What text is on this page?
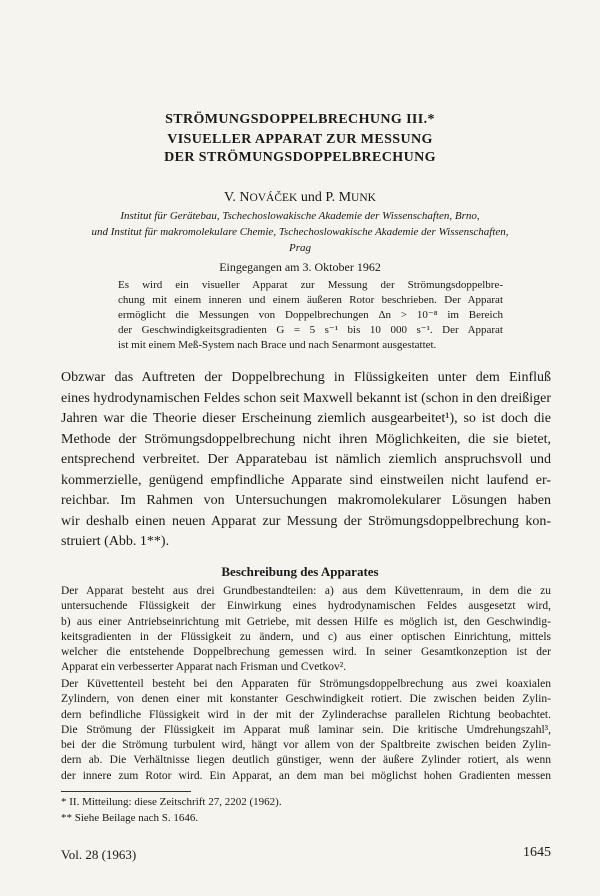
STRÖMUNGSDOPPELBRECHUNG III.*
VISUELLER APPARAT ZUR MESSUNG
DER STRÖMUNGSDOPPELBRECHUNG
V. NOVÁČEK und P. MUNK
Institut für Gerätebau, Tschechoslowakische Akademie der Wissenschaften, Brno,
und Institut für makromolekulare Chemie, Tschechoslowakische Akademie der Wissenschaften,
Prag
Eingegangen am 3. Oktober 1962
Es wird ein visueller Apparat zur Messung der Strömungsdoppelbre-
chung mit einem inneren und einem äußeren Rotor beschrieben. Der Apparat
ermöglicht die Messungen von Doppelbrechungen Δn > 10⁻⁸ im Bereich
der Geschwindigkeitsgradienten G = 5 s⁻¹ bis 10 000 s⁻¹. Der Apparat
ist mit einem Meß-System nach Brace und nach Senarmont ausgestattet.
Obzwar das Auftreten der Doppelbrechung in Flüssigkeiten unter dem Einfluß
eines hydrodynamischen Feldes schon seit Maxwell bekannt ist (schon in den dreißiger
Jahren war die Theorie dieser Erscheinung ziemlich ausgearbeitet¹), so ist doch die
Methode der Strömungsdoppelbrechung nicht ihren Möglichkeiten, die sie bietet,
entsprechend verbreitet. Der Apparatebau ist nämlich ziemlich anspruchsvoll und
kommerzielle, genügend empfindliche Apparate sind einstweilen nicht laufend er-
reichbar. Im Rahmen von Untersuchungen makromolekularer Lösungen haben
wir deshalb einen neuen Apparat zur Messung der Strömungsdoppelbrechung kon-
struiert (Abb. 1**).
Beschreibung des Apparates
Der Apparat besteht aus drei Grundbestandteilen: a) aus dem Küvettenraum, in dem die zu
untersuchende Flüssigkeit der Einwirkung eines hydrodynamischen Feldes ausgesetzt wird,
b) aus einer Antriebseinrichtung mit Getriebe, mit dessen Hilfe es möglich ist, den Geschwindig-
keitsgradienten in der Flüssigkeit zu ändern, und c) aus einer optischen Einrichtung, mittels
welcher die entstehende Doppelbrechung gemessen wird. In seiner Gesamtkonzeption ist der
Apparat ein verbesserter Apparat nach Frisman und Cvetkov².
Der Küvettenteil besteht bei den Apparaten für Strömungsdoppelbrechung aus zwei koaxialen
Zylindern, von denen einer mit konstanter Geschwindigkeit rotiert. Die zwischen beiden Zylin-
dern befindliche Flüssigkeit wird in der mit der Zylinderachse parallelen Richtung beobachtet.
Die Strömung der Flüssigkeit im Apparat muß laminar sein. Die kritische Umdrehungszahl³,
bei der die Strömung turbulent wird, hängt vor allem von der Spaltbreite zwischen beiden Zylin-
dern ab. Die Verhältnisse liegen deutlich günstiger, wenn der äußere Zylinder rotiert, als wenn
der innere zum Rotor wird. Ein Apparat, an dem man bei möglichst hohen Gradienten messen
* II. Mitteilung: diese Zeitschrift 27, 2202 (1962).
** Siehe Beilage nach S. 1646.
Vol. 28 (1963)	1645
